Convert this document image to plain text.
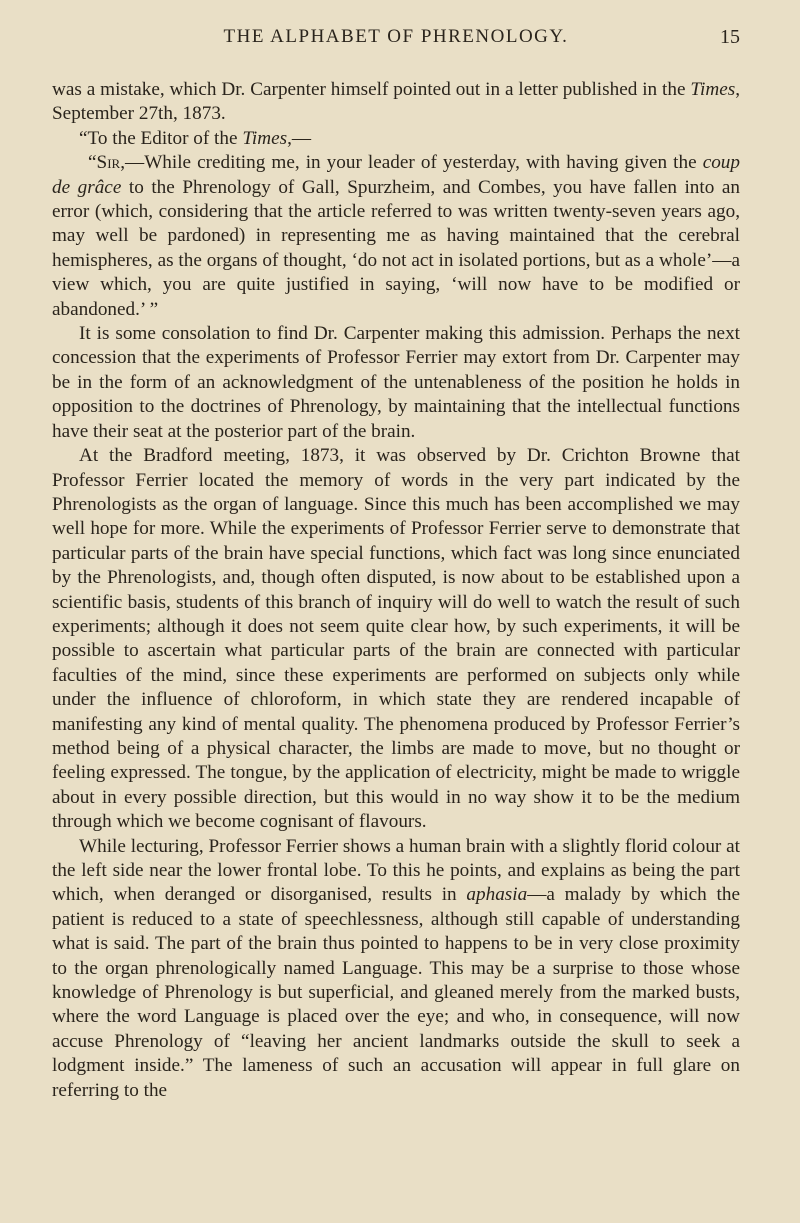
THE ALPHABET OF PHRENOLOGY.	15

was a mistake, which Dr. Carpenter himself pointed out in a letter published in the Times, September 27th, 1873.

“To the Editor of the Times,—

“Sir,—While crediting me, in your leader of yesterday, with having given the coup de grâce to the Phrenology of Gall, Spurzheim, and Combes, you have fallen into an error (which, considering that the article referred to was written twenty-seven years ago, may well be pardoned) in representing me as having maintained that the cerebral hemispheres, as the organs of thought, ‘do not act in isolated portions, but as a whole’—a view which, you are quite justified in saying, ‘will now have to be modified or abandoned.’ ”

It is some consolation to find Dr. Carpenter making this admission. Perhaps the next concession that the experiments of Professor Ferrier may extort from Dr. Carpenter may be in the form of an acknowledgment of the untenableness of the position he holds in opposition to the doctrines of Phrenology, by maintaining that the intellectual functions have their seat at the posterior part of the brain.

At the Bradford meeting, 1873, it was observed by Dr. Crichton Browne that Professor Ferrier located the memory of words in the very part indicated by the Phrenologists as the organ of language. Since this much has been accomplished we may well hope for more. While the experiments of Professor Ferrier serve to demonstrate that particular parts of the brain have special functions, which fact was long since enunciated by the Phrenologists, and, though often disputed, is now about to be established upon a scientific basis, students of this branch of inquiry will do well to watch the result of such experiments; although it does not seem quite clear how, by such experiments, it will be possible to ascertain what particular parts of the brain are connected with particular faculties of the mind, since these experiments are performed on subjects only while under the influence of chloroform, in which state they are rendered incapable of manifesting any kind of mental quality. The phenomena produced by Professor Ferrier’s method being of a physical character, the limbs are made to move, but no thought or feeling expressed. The tongue, by the application of electricity, might be made to wriggle about in every possible direction, but this would in no way show it to be the medium through which we become cognisant of flavours.

While lecturing, Professor Ferrier shows a human brain with a slightly florid colour at the left side near the lower frontal lobe. To this he points, and explains as being the part which, when deranged or disorganised, results in aphasia—a malady by which the patient is reduced to a state of speechlessness, although still capable of understanding what is said. The part of the brain thus pointed to happens to be in very close proximity to the organ phrenologically named Language. This may be a surprise to those whose knowledge of Phrenology is but superficial, and gleaned merely from the marked busts, where the word Language is placed over the eye; and who, in consequence, will now accuse Phrenology of “leaving her ancient landmarks outside the skull to seek a lodgment inside.” The lameness of such an accusation will appear in full glare on referring to the
